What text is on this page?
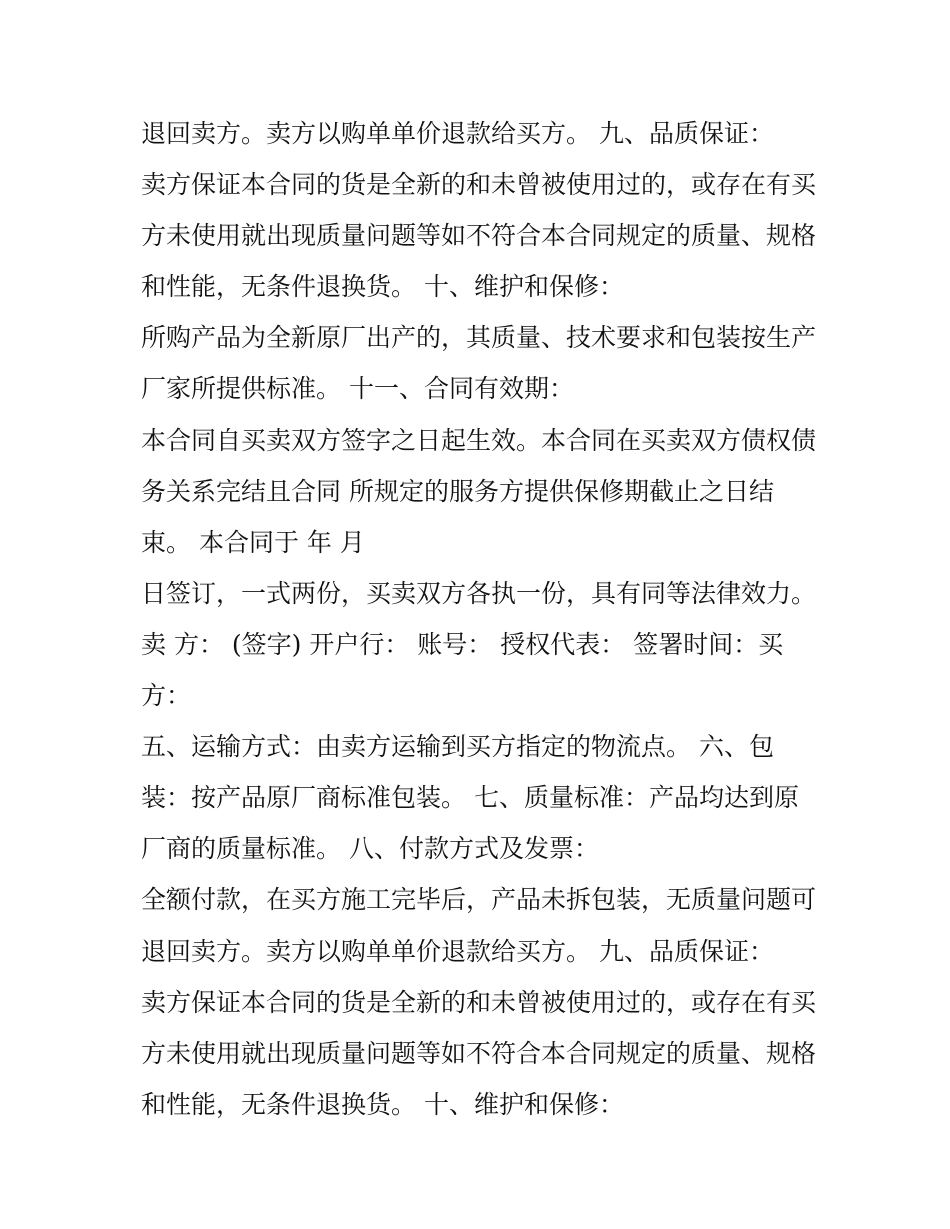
退回卖方。卖方以购单单价退款给买方。 九、品质保证：
卖方保证本合同的货是全新的和未曾被使用过的，或存在有买
方未使用就出现质量问题等如不符合本合同规定的质量、规格
和性能，无条件退换货。 十、维护和保修：
所购产品为全新原厂出产的，其质量、技术要求和包装按生产
厂家所提供标准。 十一、合同有效期：
本合同自买卖双方签字之日起生效。本合同在买卖双方债权债
务关系完结且合同 所规定的服务方提供保修期截止之日结
束。 本合同于 年 月
日签订，一式两份，买卖双方各执一份，具有同等法律效力。
卖 方： (签字) 开户行： 账号： 授权代表： 签署时间：买
方：
五、运输方式：由卖方运输到买方指定的物流点。 六、包
装：按产品原厂商标准包装。 七、质量标准：产品均达到原
厂商的质量标准。 八、付款方式及发票：
全额付款，在买方施工完毕后，产品未拆包装，无质量问题可
退回卖方。卖方以购单单价退款给买方。 九、品质保证：
卖方保证本合同的货是全新的和未曾被使用过的，或存在有买
方未使用就出现质量问题等如不符合本合同规定的质量、规格
和性能，无条件退换货。 十、维护和保修：
